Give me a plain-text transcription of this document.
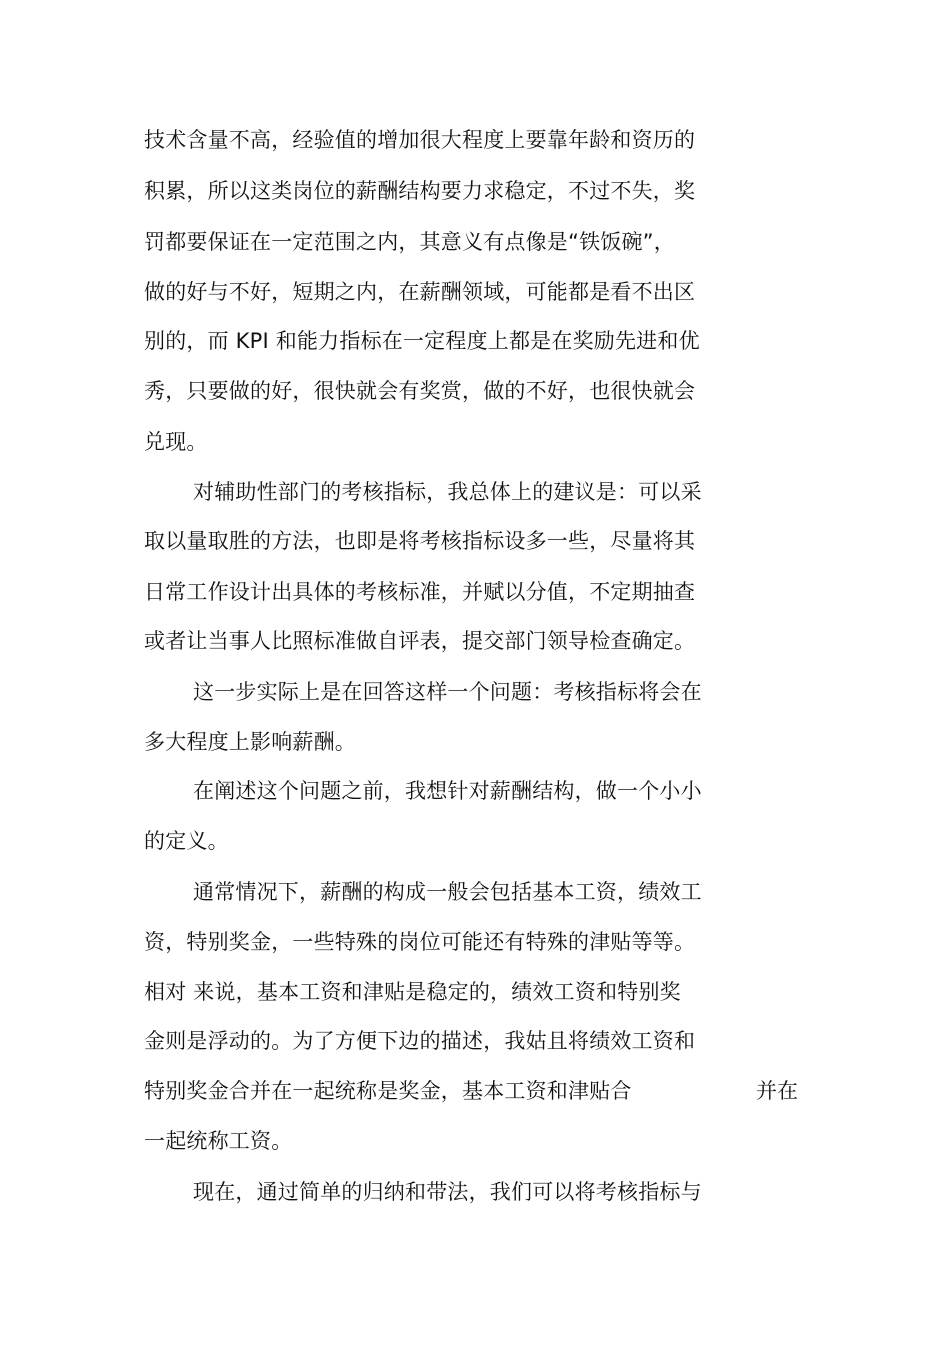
技术含量不高，经验值的增加很大程度上要靠年龄和资历的
积累，所以这类岗位的薪酬结构要力求稳定，不过不失，奖
罚都要保证在一定范围之内，其意义有点像是“铁饭碗”，
做的好与不好，短期之内，在薪酬领域，可能都是看不出区
别的，而 KPI 和能力指标在一定程度上都是在奖励先进和优
秀，只要做的好，很快就会有奖赏，做的不好，也很快就会
兑现。
对辅助性部门的考核指标，我总体上的建议是：可以采
取以量取胜的方法，也即是将考核指标设多一些，尽量将其
日常工作设计出具体的考核标准，并赋以分值，不定期抽查
或者让当事人比照标准做自评表，提交部门领导检查确定。
这一步实际上是在回答这样一个问题：考核指标将会在
多大程度上影响薪酬。
在阐述这个问题之前，我想针对薪酬结构，做一个小小
的定义。
通常情况下，薪酬的构成一般会包括基本工资，绩效工
资，特别奖金，一些特殊的岗位可能还有特殊的津贴等等。
相对 来说，基本工资和津贴是稳定的，绩效工资和特别奖
金则是浮动的。为了方便下边的描述，我姑且将绩效工资和
特别奖金合并在一起统称是奖金，基本工资和津贴合	并在
一起统称工资。
现在，通过简单的归纳和带法，我们可以将考核指标与
